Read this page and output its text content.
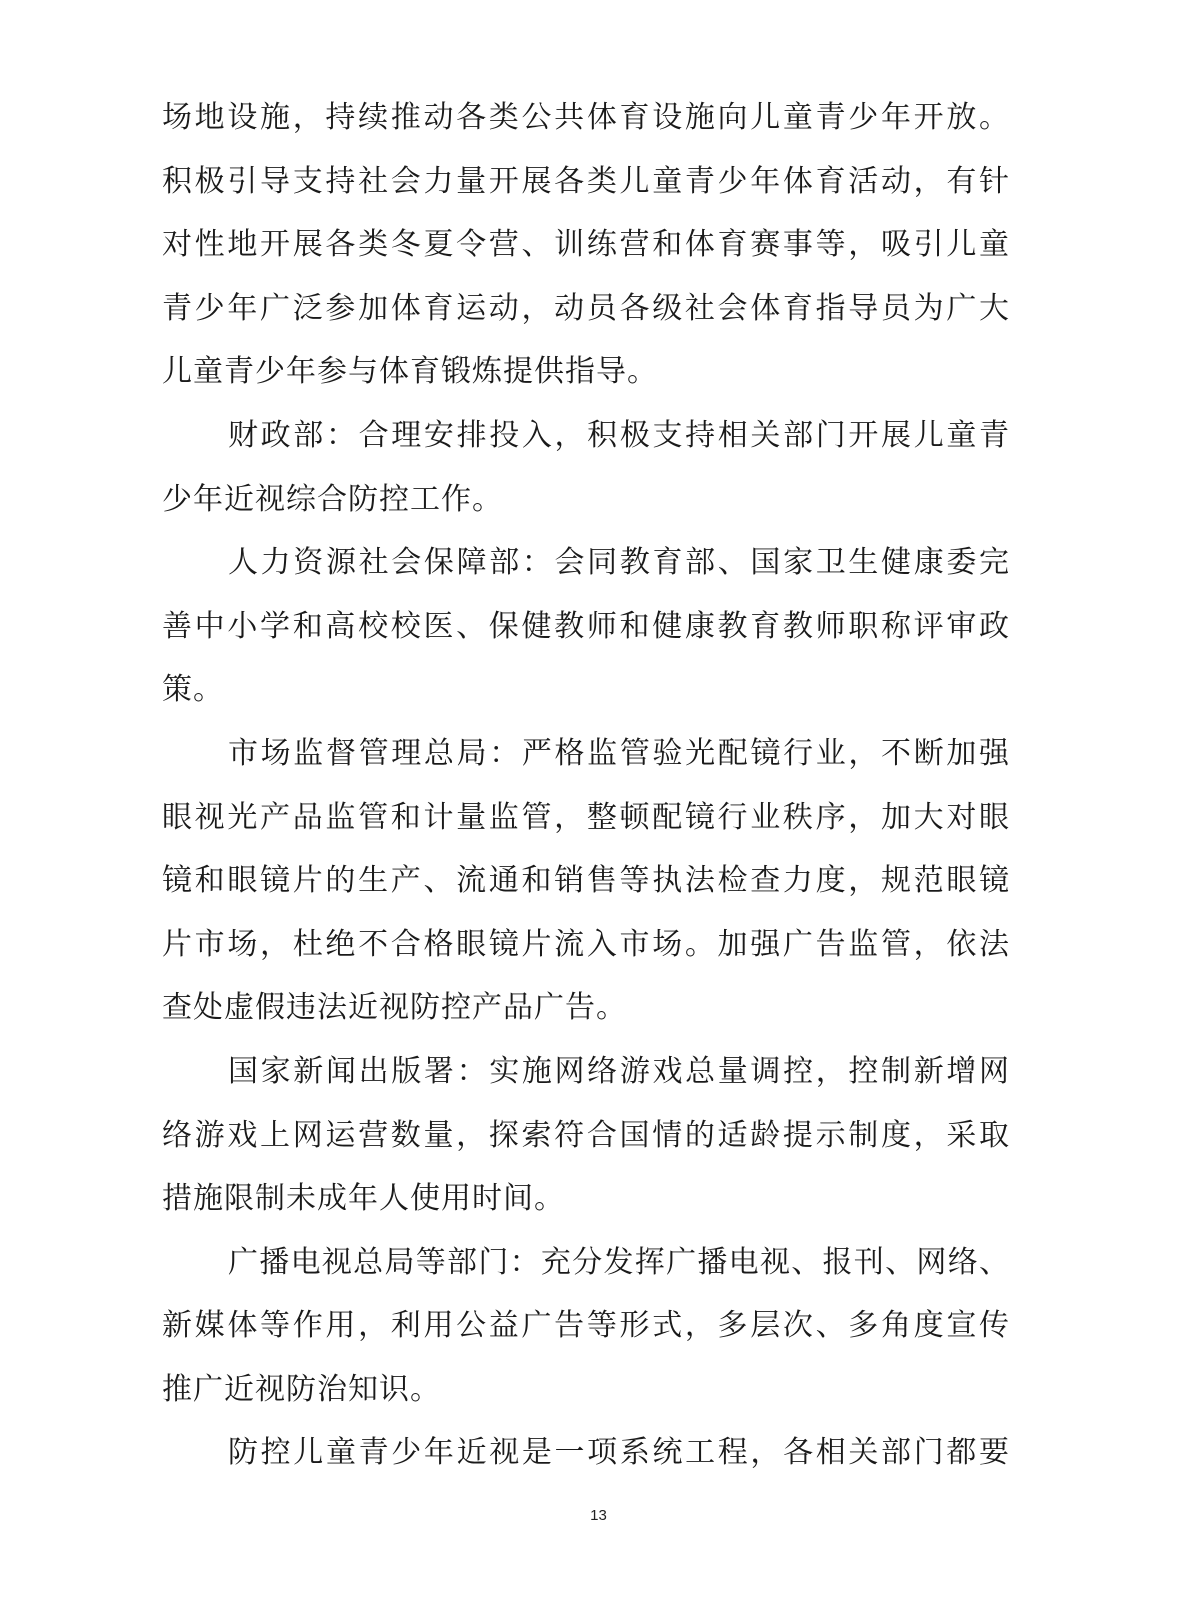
场地设施，持续推动各类公共体育设施向儿童青少年开放。
积极引导支持社会力量开展各类儿童青少年体育活动，有针
对性地开展各类冬夏令营、训练营和体育赛事等，吸引儿童
青少年广泛参加体育运动，动员各级社会体育指导员为广大
儿童青少年参与体育锻炼提供指导。
财政部：合理安排投入，积极支持相关部门开展儿童青
少年近视综合防控工作。
人力资源社会保障部：会同教育部、国家卫生健康委完
善中小学和高校校医、保健教师和健康教育教师职称评审政
策。
市场监督管理总局：严格监管验光配镜行业，不断加强
眼视光产品监管和计量监管，整顿配镜行业秩序，加大对眼
镜和眼镜片的生产、流通和销售等执法检查力度，规范眼镜
片市场，杜绝不合格眼镜片流入市场。加强广告监管，依法
查处虚假违法近视防控产品广告。
国家新闻出版署：实施网络游戏总量调控，控制新增网
络游戏上网运营数量，探索符合国情的适龄提示制度，采取
措施限制未成年人使用时间。
广播电视总局等部门：充分发挥广播电视、报刊、网络、
新媒体等作用，利用公益广告等形式，多层次、多角度宣传
推广近视防治知识。
防控儿童青少年近视是一项系统工程，各相关部门都要
13
